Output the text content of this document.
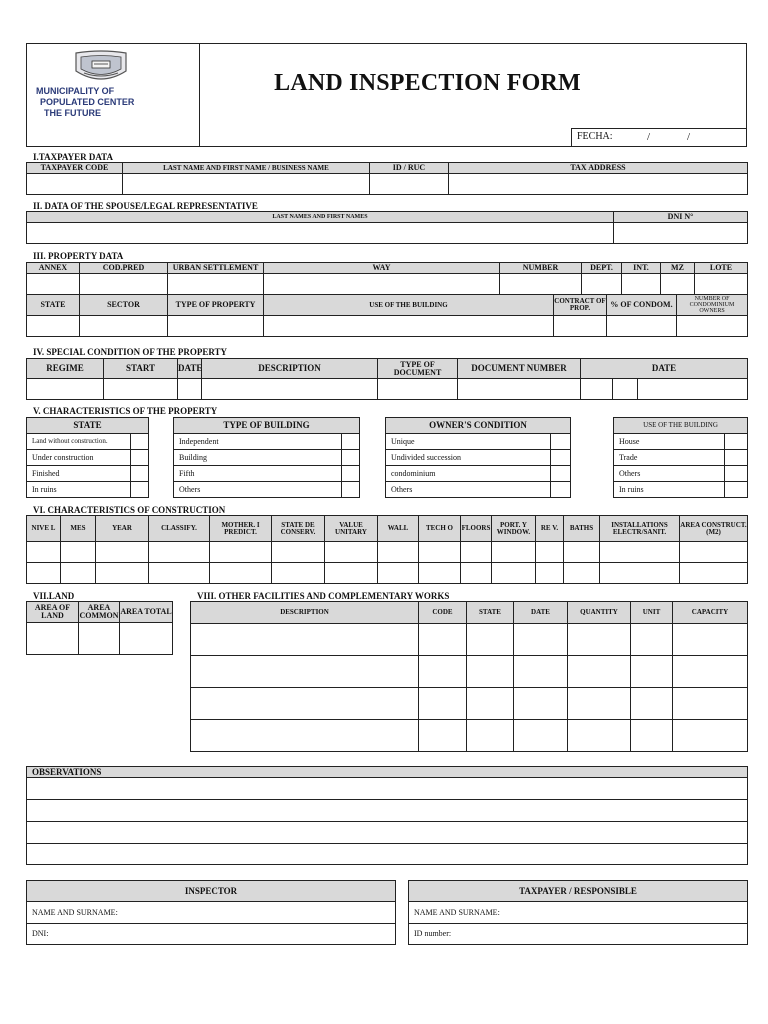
MUNICIPALITY OF
POPULATED CENTER
THE FUTURE
LAND INSPECTION FORM
FECHA:	/	/
I.TAXPAYER DATA
TAXPAYER CODE	LAST NAME AND FIRST NAME / BUSINESS NAME	ID / RUC	TAX ADDRESS

II. DATA OF THE SPOUSE/LEGAL REPRESENTATIVE
LAST NAMES AND FIRST NAMES	DNI N°

III. PROPERTY DATA
ANNEX	COD.PRED	URBAN SETTLEMENT	WAY	NUMBER	DEPT.	INT.	MZ	LOTE

STATE	SECTOR	TYPE OF PROPERTY	USE OF THE BUILDING	CONTRACT OF PROP.	% OF CONDOM.	NUMBER OF CONDOMINIUM OWNERS

IV. SPECIAL CONDITION OF THE PROPERTY
REGIME	START	DATE	DESCRIPTION	TYPE OF DOCUMENT	DOCUMENT NUMBER	DATE		

V. CHARACTERISTICS OF THE PROPERTY
STATE	
Land without construction.	
Under construction	
Finished	
In ruins	
TYPE OF BUILDING	
Independent	
Building	
Fifth	
Others	
OWNER'S CONDITION	
Unique	
Undivided succession	
condominium	
Others	
USE OF THE BUILDING	
House	
Trade	
Others	
In ruins	
VI. CHARACTERISTICS OF CONSTRUCTION
NIVE L	MES	YEAR	CLASSIFY.	MOTHER. I PREDICT.	STATE DE CONSERV.	VALUE UNITARY	WALL	TECH O	FLOORS	PORT. Y WINDOW.	RE V.	BATHS	INSTALLATIONS ELECTR/SANIT.	AREA CONSTRUCT. (M2)

VII.LAND
AREA OF LAND	AREA COMMON	AREA TOTAL

VIII. OTHER FACILITIES AND COMPLEMENTARY WORKS
DESCRIPTION	CODE	STATE	DATE	QUANTITY	UNIT	CAPACITY

OBSERVATIONS

INSPECTOR
NAME AND SURNAME:
DNI:
TAXPAYER / RESPONSIBLE
NAME AND SURNAME:
ID number:
